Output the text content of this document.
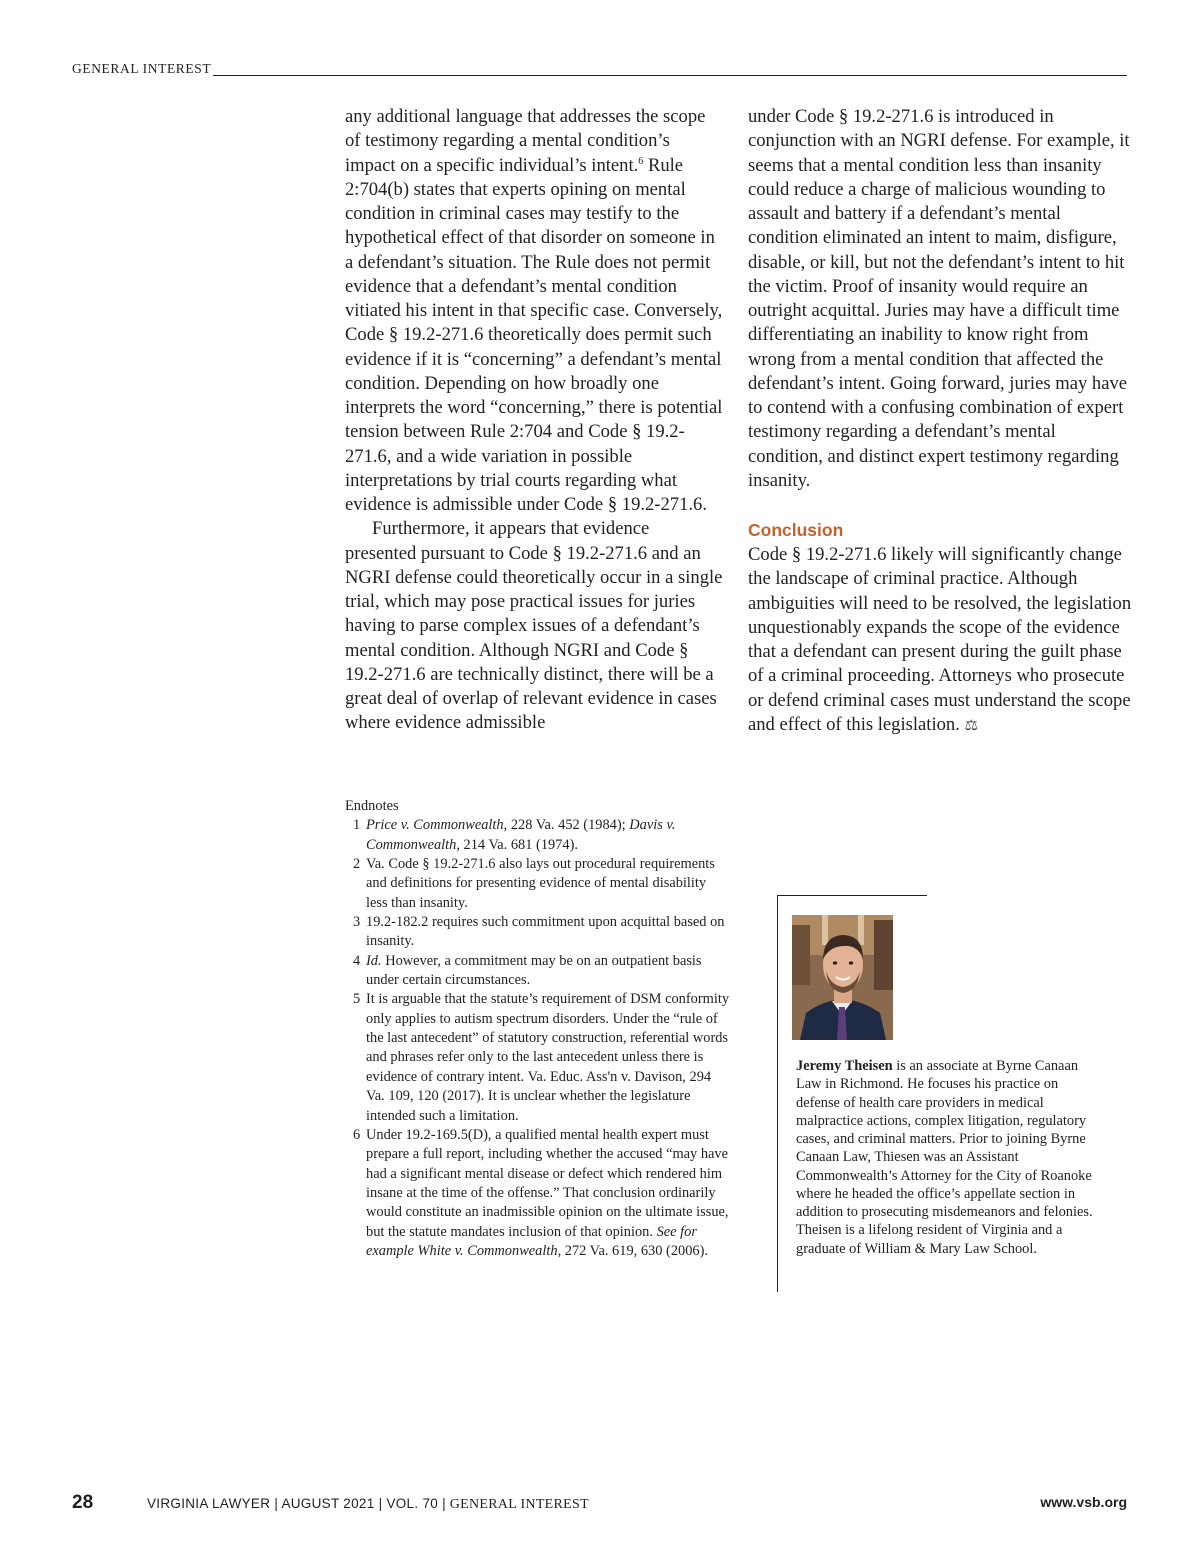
GENERAL INTEREST

any additional language that addresses the scope of testimony regarding a mental condition’s impact on a specific individual’s intent.$^6$ Rule 2:704(b) states that experts opining on mental condition in criminal cases may testify to the hypothetical effect of that disorder on someone in a defendant’s situation. The Rule does not permit evidence that a defendant’s mental condition vitiated his intent in that specific case. Conversely, Code § 19.2-271.6 theoretically does permit such evidence if it is “concerning” a defendant’s mental condition. Depending on how broadly one interprets the word “concerning,” there is potential tension between Rule 2:704 and Code § 19.2-271.6, and a wide variation in possible interpretations by trial courts regarding what evidence is admissible under Code § 19.2-271.6.

Furthermore, it appears that evidence presented pursuant to Code § 19.2-271.6 and an NGRI defense could theoretically occur in a single trial, which may pose practical issues for juries having to parse complex issues of a defendant’s mental condition. Although NGRI and Code § 19.2-271.6 are technically distinct, there will be a great deal of overlap of relevant evidence in cases where evidence admissible

under Code § 19.2-271.6 is introduced in conjunction with an NGRI defense. For example, it seems that a mental condition less than insanity could reduce a charge of malicious wounding to assault and battery if a defendant’s mental condition eliminated an intent to maim, disfigure, disable, or kill, but not the defendant’s intent to hit the victim. Proof of insanity would require an outright acquittal. Juries may have a difficult time differentiating an inability to know right from wrong from a mental condition that affected the defendant’s intent. Going forward, juries may have to contend with a confusing combination of expert testimony regarding a defendant’s mental condition, and distinct expert testimony regarding insanity.

Conclusion

Code § 19.2-271.6 likely will significantly change the landscape of criminal practice. Although ambiguities will need to be resolved, the legislation unquestionably expands the scope of the evidence that a defendant can present during the guilt phase of a criminal proceeding. Attorneys who prosecute or defend criminal cases must understand the scope and effect of this legislation. ⚖

Endnotes

1 Price v. Commonwealth, 228 Va. 452 (1984); Davis v. Commonwealth, 214 Va. 681 (1974).
2 Va. Code § 19.2-271.6 also lays out procedural requirements and definitions for presenting evidence of mental disability less than insanity.
3 19.2-182.2 requires such commitment upon acquittal based on insanity.
4 Id. However, a commitment may be on an outpatient basis under certain circumstances.
5 It is arguable that the statute’s requirement of DSM conformity only applies to autism spectrum disorders. Under the “rule of the last antecedent” of statutory construction, referential words and phrases refer only to the last antecedent unless there is evidence of contrary intent. Va. Educ. Ass'n v. Davison, 294 Va. 109, 120 (2017). It is unclear whether the legislature intended such a limitation.
6 Under 19.2-169.5(D), a qualified mental health expert must prepare a full report, including whether the accused “may have had a significant mental disease or defect which rendered him insane at the time of the offense.” That conclusion ordinarily would constitute an inadmissible opinion on the ultimate issue, but the statute mandates inclusion of that opinion. See for example White v. Commonwealth, 272 Va. 619, 630 (2006).
Jeremy Theisen is an associate at Byrne Canaan Law in Richmond. He focuses his practice on defense of health care providers in medical malpractice actions, complex litigation, regulatory cases, and criminal matters. Prior to joining Byrne Canaan Law, Thiesen was an Assistant Commonwealth’s Attorney for the City of Roanoke where he headed the office’s appellate section in addition to prosecuting misdemeanors and felonies. Theisen is a lifelong resident of Virginia and a graduate of William & Mary Law School.
28	VIRGINIA LAWYER | AUGUST 2021 | VOL. 70 | GENERAL INTEREST	www.vsb.org
